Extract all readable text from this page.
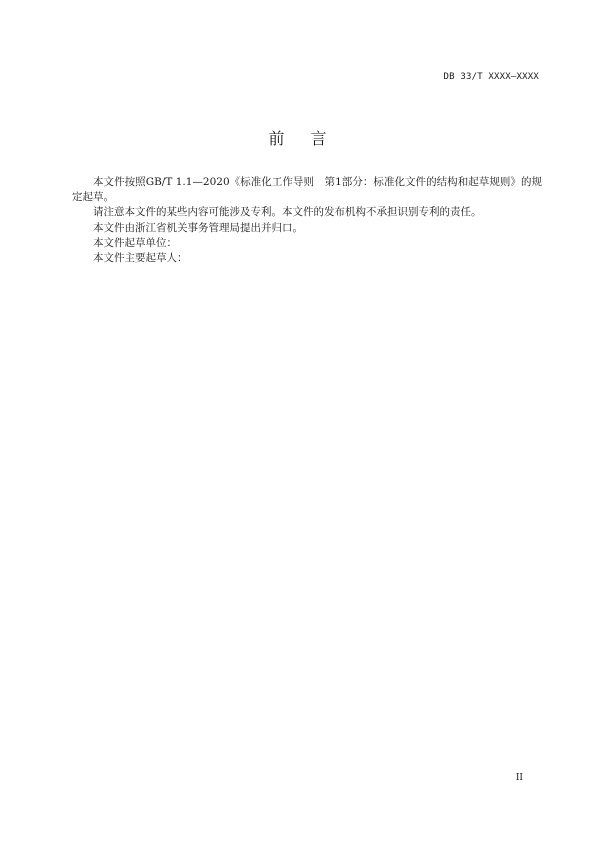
DB 33/T XXXX—XXXX
前言

本文件按照GB/T 1.1—2020《标准化工作导则　第1部分：标准化文件的结构和起草规则》的规定起草。

请注意本文件的某些内容可能涉及专利。本文件的发布机构不承担识别专利的责任。

本文件由浙江省机关事务管理局提出并归口。

本文件起草单位：

本文件主要起草人：

II
